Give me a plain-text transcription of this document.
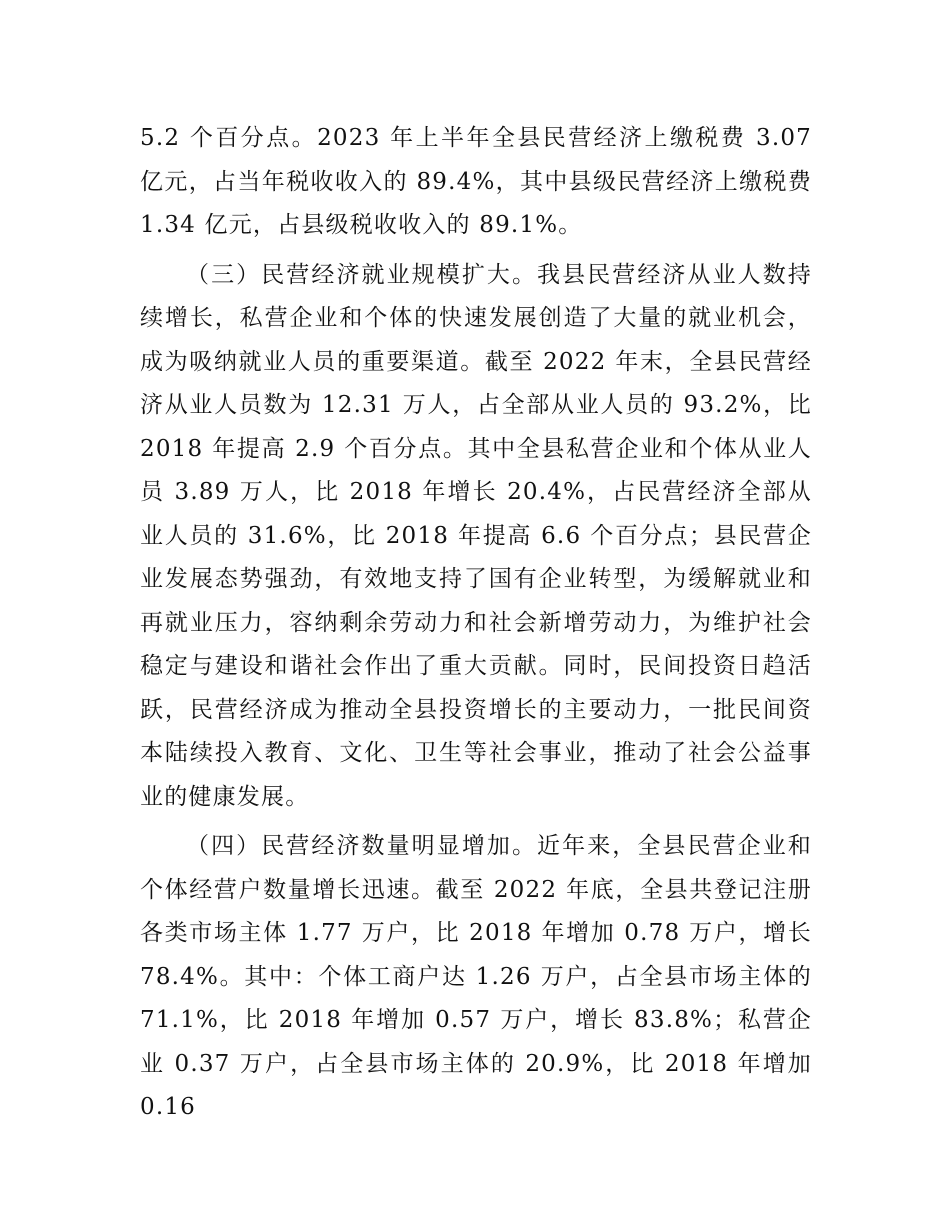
5.2 个百分点。2023 年上半年全县民营经济上缴税费 3.07 亿元，占当年税收收入的 89.4%，其中县级民营经济上缴税费 1.34 亿元，占县级税收收入的 89.1%。

（三）民营经济就业规模扩大。我县民营经济从业人数持续增长，私营企业和个体的快速发展创造了大量的就业机会，成为吸纳就业人员的重要渠道。截至 2022 年末，全县民营经济从业人员数为 12.31 万人，占全部从业人员的 93.2%，比 2018 年提高 2.9 个百分点。其中全县私营企业和个体从业人员 3.89 万人，比 2018 年增长 20.4%，占民营经济全部从业人员的 31.6%，比 2018 年提高 6.6 个百分点；县民营企业发展态势强劲，有效地支持了国有企业转型，为缓解就业和再就业压力，容纳剩余劳动力和社会新增劳动力，为维护社会稳定与建设和谐社会作出了重大贡献。同时，民间投资日趋活跃，民营经济成为推动全县投资增长的主要动力，一批民间资本陆续投入教育、文化、卫生等社会事业，推动了社会公益事业的健康发展。

（四）民营经济数量明显增加。近年来，全县民营企业和个体经营户数量增长迅速。截至 2022 年底，全县共登记注册各类市场主体 1.77 万户，比 2018 年增加 0.78 万户，增长 78.4%。其中：个体工商户达 1.26 万户，占全县市场主体的 71.1%，比 2018 年增加 0.57 万户，增长 83.8%；私营企业 0.37 万户，占全县市场主体的 20.9%，比 2018 年增加 0.16
